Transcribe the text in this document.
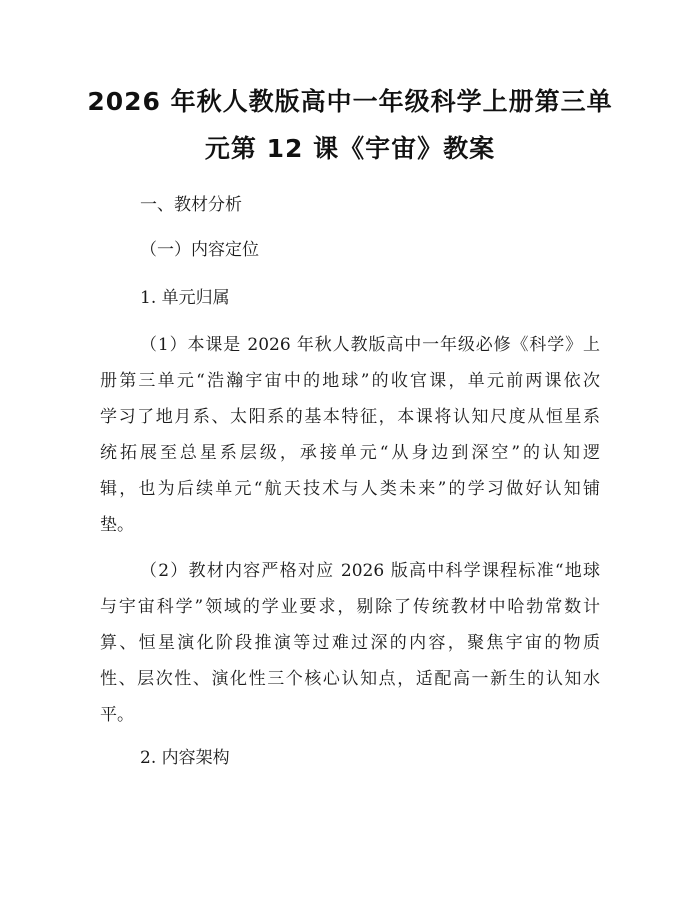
2026 年秋人教版高中一年级科学上册第三单
元第 12 课《宇宙》教案
一、教材分析
（一）内容定位
1. 单元归属
（1）本课是 2026 年秋人教版高中一年级必修《科学》上
册第三单元“浩瀚宇宙中的地球”的收官课，单元前两课依次
学习了地月系、太阳系的基本特征，本课将认知尺度从恒星系
统拓展至总星系层级，承接单元“从身边到深空”的认知逻
辑，也为后续单元“航天技术与人类未来”的学习做好认知铺
垫。
（2）教材内容严格对应 2026 版高中科学课程标准“地球
与宇宙科学”领域的学业要求，剔除了传统教材中哈勃常数计
算、恒星演化阶段推演等过难过深的内容，聚焦宇宙的物质
性、层次性、演化性三个核心认知点，适配高一新生的认知水
平。
2. 内容架构
